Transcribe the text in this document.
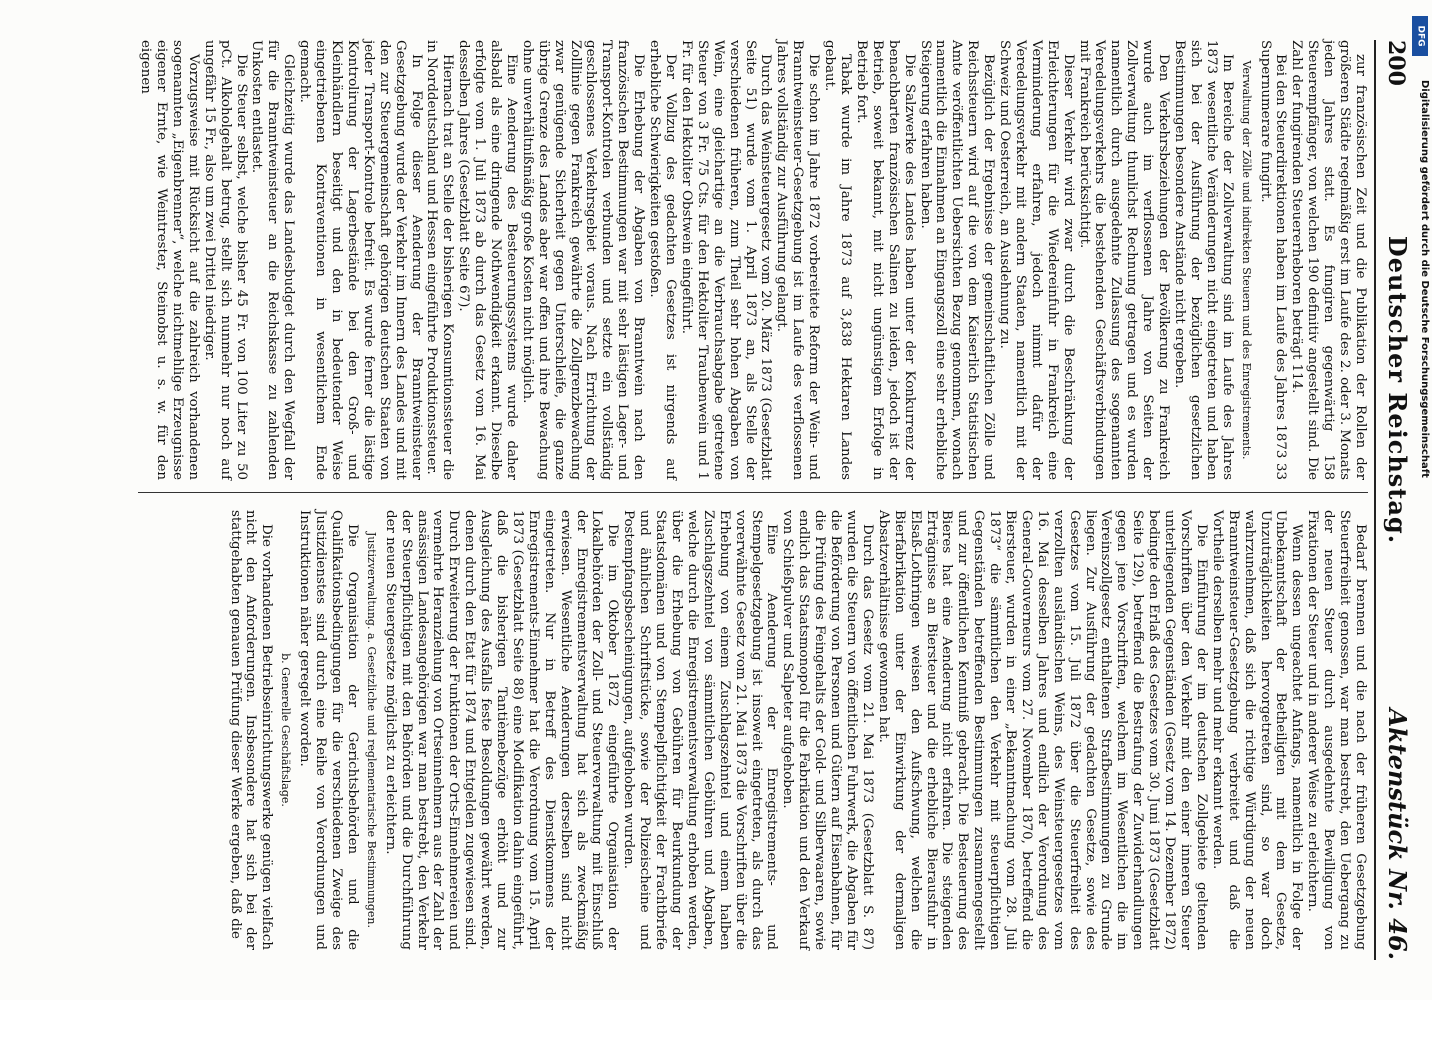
200
Deutscher Reichstag.
Aktenstück Nr. 46.

zur französischen Zeit und die Publikation der Rollen der größeren Städte regelmäßig erst im Laufe des 2. oder 3. Monats jeden Jahres statt. Es fungiren gegenwärtig 158 Steuerempfänger, von welchen 190 definitiv angestellt sind. Die Zahl der fungirenden Steuererheboren beträgt 114.

Bei den Steuerdirektionen haben im Laufe des Jahres 1873 33 Supernumerare fungirt.

Verwaltung der Zölle und indirekten Steuern und des Enregistrements.

Im Bereiche der Zollverwaltung sind im Laufe des Jahres 1873 wesentliche Veränderungen nicht eingetreten und haben sich bei der Ausführung der bezüglichen gesetzlichen Bestimmungen besondere Anstände nicht ergeben.

Den Verkehrsbeziehungen der Bevölkerung zu Frankreich wurde auch im verflossenen Jahre von Seiten der Zollverwaltung thunlichst Rechnung getragen und es wurden namentlich durch ausgedehnte Zulassung des sogenannten Veredelungsverkehrs die bestehenden Geschäftsverbindungen mit Frankreich berücksichtigt.

Dieser Verkehr wird zwar durch die Beschränkung der Erleichterungen für die Wiedereinfuhr in Frankreich eine Verminderung erfahren, jedoch nimmt dafür der Veredelungsverkehr mit andern Staaten, namentlich mit der Schweiz und Oesterreich, an Ausdehnung zu.

Bezüglich der Ergebnisse der gemeinschaftlichen Zölle und Reichssteuern wird auf die von dem Kaiserlich Statistischen Amte veröffentlichten Uebersichten Bezug genommen, wonach namentlich die Einnahmen an Eingangszoll eine sehr erhebliche Steigerung erfahren haben.

Die Salzwerke des Landes haben unter der Konkurrenz der benachbarten französischen Salinen zu leiden, jedoch ist der Betrieb, soweit bekannt, mit nicht ungünstigem Erfolge in Betrieb fort.

Tabak wurde im Jahre 1873 auf 3,838 Hektaren Landes gebaut.

Die schon im Jahre 1872 vorbereitete Reform der Wein- und Branntweinsteuer-Gesetzgebung ist im Laufe des verflossenen Jahres vollständig zur Ausführung gelangt.

Durch das Weinsteuergesetz vom 20. März 1873 (Gesetzblatt Seite 51) wurde vom 1. April 1873 an, als Stelle der verschiedenen früheren, zum Theil sehr hohen Abgaben von Wein, eine gleichartige an die Verbrauchsabgabe getretene Steuer von 3 Fr. 75 Cts. für den Hektoliter Traubenwein und 1 Fr. für den Hektoliter Obstwein eingeführt.

Der Vollzug des gedachten Gesetzes ist nirgends auf erhebliche Schwierigkeiten gestoßen.

Die Erhebung der Abgaben von Branntwein nach den französischen Bestimmungen war mit sehr lästigen Lager- und Transport-Kontrolen verbunden und setzte ein vollständig geschlossenes Verkehrsgebiet voraus. Nach Errichtung der Zolllinie gegen Frankreich gewährte die Zollgrenzbewachung zwar genügende Sicherheit gegen Unterschleife, die ganze übrige Grenze des Landes aber war offen und ihre Bewachung ohne unverhältnißmäßig große Kosten nicht möglich.

Eine Aenderung des Besteuerungssystems wurde daher alsbald als eine dringende Nothwendigkeit erkannt. Dieselbe erfolgte vom 1. Juli 1873 ab durch das Gesetz vom 16. Mai desselben Jahres (Gesetzblatt Seite 67).

Hiernach trat an Stelle der bisherigen Konsumtionssteuer die in Norddeutschland und Hessen eingeführte Produktionssteuer.

In Folge dieser Aenderung der Branntweinsteuer Gesetzgebung wurde der Verkehr im Innern des Landes und mit den zur Steuergemeinschaft gehörigen deutschen Staaten von jeder Transport-Kontrole befreit. Es wurde ferner die lästige Kontrolirung der Lagerbestände bei den Groß- und Kleinhändlern beseitigt und den in bedeutender Weise eingetriebenen Kontraventionen in wesentlichem Ende gemacht.

Gleichzeitig wurde das Landesbudget durch den Wegfall der für die Branntweinsteuer an die Reichskasse zu zahlenden Unkosten entlastet.

Die Steuer selbst, welche bisher 45 Fr. von 100 Liter zu 50 pCt. Alkoholgehalt betrug, stellt sich nunmehr nur noch auf ungefähr 15 Fr., also um zwei Drittel niedriger.

Vorzugsweise mit Rücksicht auf die zahlreich vorhandenen sogenannten „Eigenbrenner“, welche nichtmehlige Erzeugnisse eigener Ernte, wie Weintrester, Steinobst u. s. w. für den eigenen

Bedarf brennen und die nach der früheren Gesetzgebung Steuerfreiheit genossen, war man bestrebt, den Uebergang zu der neuen Steuer durch ausgedehnte Bewilligung von Fixationen der Steuer und in anderer Weise zu erleichtern.

Wenn dessen ungeachtet Anfangs, namentlich in Folge der Unbekanntschaft der Betheiligten mit dem Gesetze, Unzuträglichkeiten hervorgetreten sind, so war doch wahrzunehmen, daß sich die richtige Würdigung der neuen Branntweinsteuer-Gesetzgebung verbreitet und daß die Vortheile derselben mehr und mehr erkannt werden.

Die Einführung der im deutschen Zollgebiete geltenden Vorschriften über den Verkehr mit den einer inneren Steuer unterliegenden Gegenständen (Gesetz vom 14. Dezember 1872) bedingte den Erlaß des Gesetzes vom 30. Juni 1873 (Gesetzblatt Seite 129), betreffend die Bestrafung der Zuwiderhandlungen gegen jene Vorschriften, welchem im Wesentlichen die im Vereinszollgesetz enthaltenen Strafbestimmungen zu Grunde liegen. Zur Ausführung der gedachten Gesetze, sowie des Gesetzes vom 15. Juli 1872 über die Steuerfreiheit des verzollten ausländischen Weins, des Weinsteuergesetzes vom 16. Mai desselben Jahres und endlich der Verordnung des General-Gouverneurs vom 27. November 1870, betreffend die Biersteuer, wurden in einer „Bekanntmachung vom 28. Juli 1873“ die sämmtlichen den Verkehr mit steuerpflichtigen Gegenständen betreffenden Bestimmungen zusammengestellt und zur öffentlichen Kenntniß gebracht. Die Besteuerung des Bieres hat eine Aenderung nicht erfahren. Die steigenden Erträgnisse an Biersteuer und die erhebliche Bierausfuhr in Elsaß-Lothringen weisen den Aufschwung, welchen die Bierfabrikation unter der Einwirkung der dermaligen Absatzverhältnisse gewonnen hat.

Durch das Gesetz vom 21. Mai 1873 (Gesetzblatt S. 87) wurden die Steuern von öffentlichen Fuhrwerk, die Abgaben für die Beförderung von Personen und Gütern auf Eisenbahnen, für die Prüfung des Feingehalts der Gold- und Silberwaaren, sowie endlich das Staatsmonopol für die Fabrikation und den Verkauf von Schießpulver und Salpeter aufgehoben.

Eine Aenderung der Enregistrements- und Stempelgesetzgebung ist insoweit eingetreten, als durch das vorerwähnte Gesetz vom 21. Mai 1873 die Vorschriften über die Erhebung von einem Zuschlagszehntel und einem halben Zuschlagszehntel von sämmtlichen Gebühren und Abgaben, welche durch die Enregistrementsverwaltung erhoben werden, über die Erhebung von Gebühren für Beurkundung der Staatsdomänen und von Stempelpflichtigkeit der Frachtbriefe und ähnlichen Schriftstücke, sowie der Polizeischeine und Postempfangsbescheinigungen, aufgehoben wurden.

Die im Oktober 1872 eingeführte Organisation der Lokalbehörden der Zoll- und Steuerverwaltung mit Einschluß der Enregistrementsverwaltung hat sich als zweckmäßig erwiesen. Wesentliche Aenderungen derselben sind nicht eingetreten. Nur in Betreff des Dienstkommens der Enregistrements-Einnehmer hat die Verordnung vom 15. April 1873 (Gesetzblatt Seite 88) eine Modifikation dahin eingeführt, daß die bisherigen Tantièmebezüge erhöht und zur Ausgleichung des Ausfalls feste Besoldungen gewährt werden, denen durch den Etat für 1874 und Entgelden zugewiesen sind. Durch Erweiterung der Funktionen der Orts-Einnehmereien und vermehrte Heranziehung von Ortseinnehmern aus der Zahl der ansässigen Landesangehörigen war man bestrebt, den Verkehr der Steuerpflichtigen mit den Behörden und die Durchführung der neuen Steuergesetze möglichst zu erleichtern.

Justizverwaltung. a. Gesetzliche und reglementarische Bestimmungen.

Die Organisation der Gerichtsbehörden und die Qualifikationsbedingungen für die verschiedenen Zweige des Justizdienstes sind durch eine Reihe von Verordnungen und Instruktionen näher geregelt worden.

b. Generelle Geschäftslage.

Die vorhandenen Betriebseinrichtungswerke genügen vielfach nicht den Anforderungen. Insbesondere hat sich bei der stattgehabten genauen Prüfung dieser Werke ergeben, daß die

DFG
Digitalisierung gefördert durch die Deutsche Forschungsgemeinschaft
